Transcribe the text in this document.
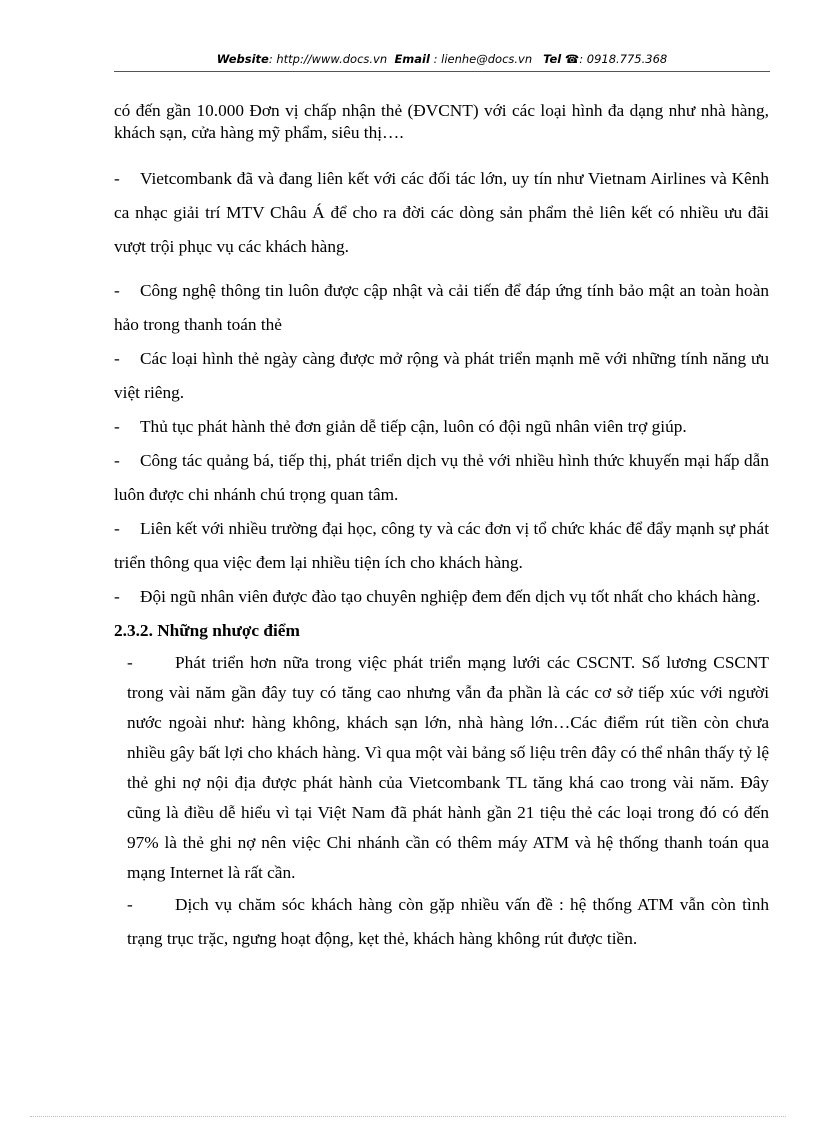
Website: http://www.docs.vn Email : lienhe@docs.vn Tel ☎: 0918.775.368

có đến gần 10.000 Đơn vị chấp nhận thẻ (ĐVCNT) với các loại hình đa dạng như nhà hàng, khách sạn, cửa hàng mỹ phẩm, siêu thị….

- Vietcombank đã và đang liên kết với các đối tác lớn, uy tín như Vietnam Airlines và Kênh ca nhạc giải trí MTV Châu Á để cho ra đời các dòng sản phẩm thẻ liên kết có nhiều ưu đãi vượt trội phục vụ các khách hàng.

- Công nghệ thông tin luôn được cập nhật và cải tiến để đáp ứng tính bảo mật an toàn hoàn hảo trong thanh toán thẻ

- Các loại hình thẻ ngày càng được mở rộng và phát triển mạnh mẽ với những tính năng ưu việt riêng.

- Thủ tục phát hành thẻ đơn giản dễ tiếp cận, luôn có đội ngũ nhân viên trợ giúp.

- Công tác quảng bá, tiếp thị, phát triển dịch vụ thẻ với nhiều hình thức khuyến mại hấp dẫn luôn được chi nhánh chú trọng quan tâm.

- Liên kết với nhiều trường đại học, công ty và các đơn vị tổ chức khác để đẩy mạnh sự phát triển thông qua việc đem lại nhiều tiện ích cho khách hàng.

- Đội ngũ nhân viên được đào tạo chuyên nghiệp đem đến dịch vụ tốt nhất cho khách hàng.

2.3.2. Những nhược điểm

- Phát triển hơn nữa trong việc phát triển mạng lưới các CSCNT. Số lương CSCNT trong vài năm gần đây tuy có tăng cao nhưng vẫn đa phần là các cơ sở tiếp xúc với người nước ngoài như: hàng không, khách sạn lớn, nhà hàng lớn…Các điểm rút tiền còn chưa nhiều gây bất lợi cho khách hàng. Vì qua một vài bảng số liệu trên đây có thể nhân thấy tỷ lệ thẻ ghi nợ nội địa được phát hành của Vietcombank TL tăng khá cao trong vài năm. Đây cũng là điều dễ hiểu vì tại Việt Nam đã phát hành gần 21 tiệu thẻ các loại trong đó có đến 97% là thẻ ghi nợ nên việc Chi nhánh cần có thêm máy ATM và hệ thống thanh toán qua mạng Internet là rất cần.

- Dịch vụ chăm sóc khách hàng còn gặp nhiều vấn đề : hệ thống ATM vẫn còn tình trạng trục trặc, ngưng hoạt động, kẹt thẻ, khách hàng không rút được tiền.
